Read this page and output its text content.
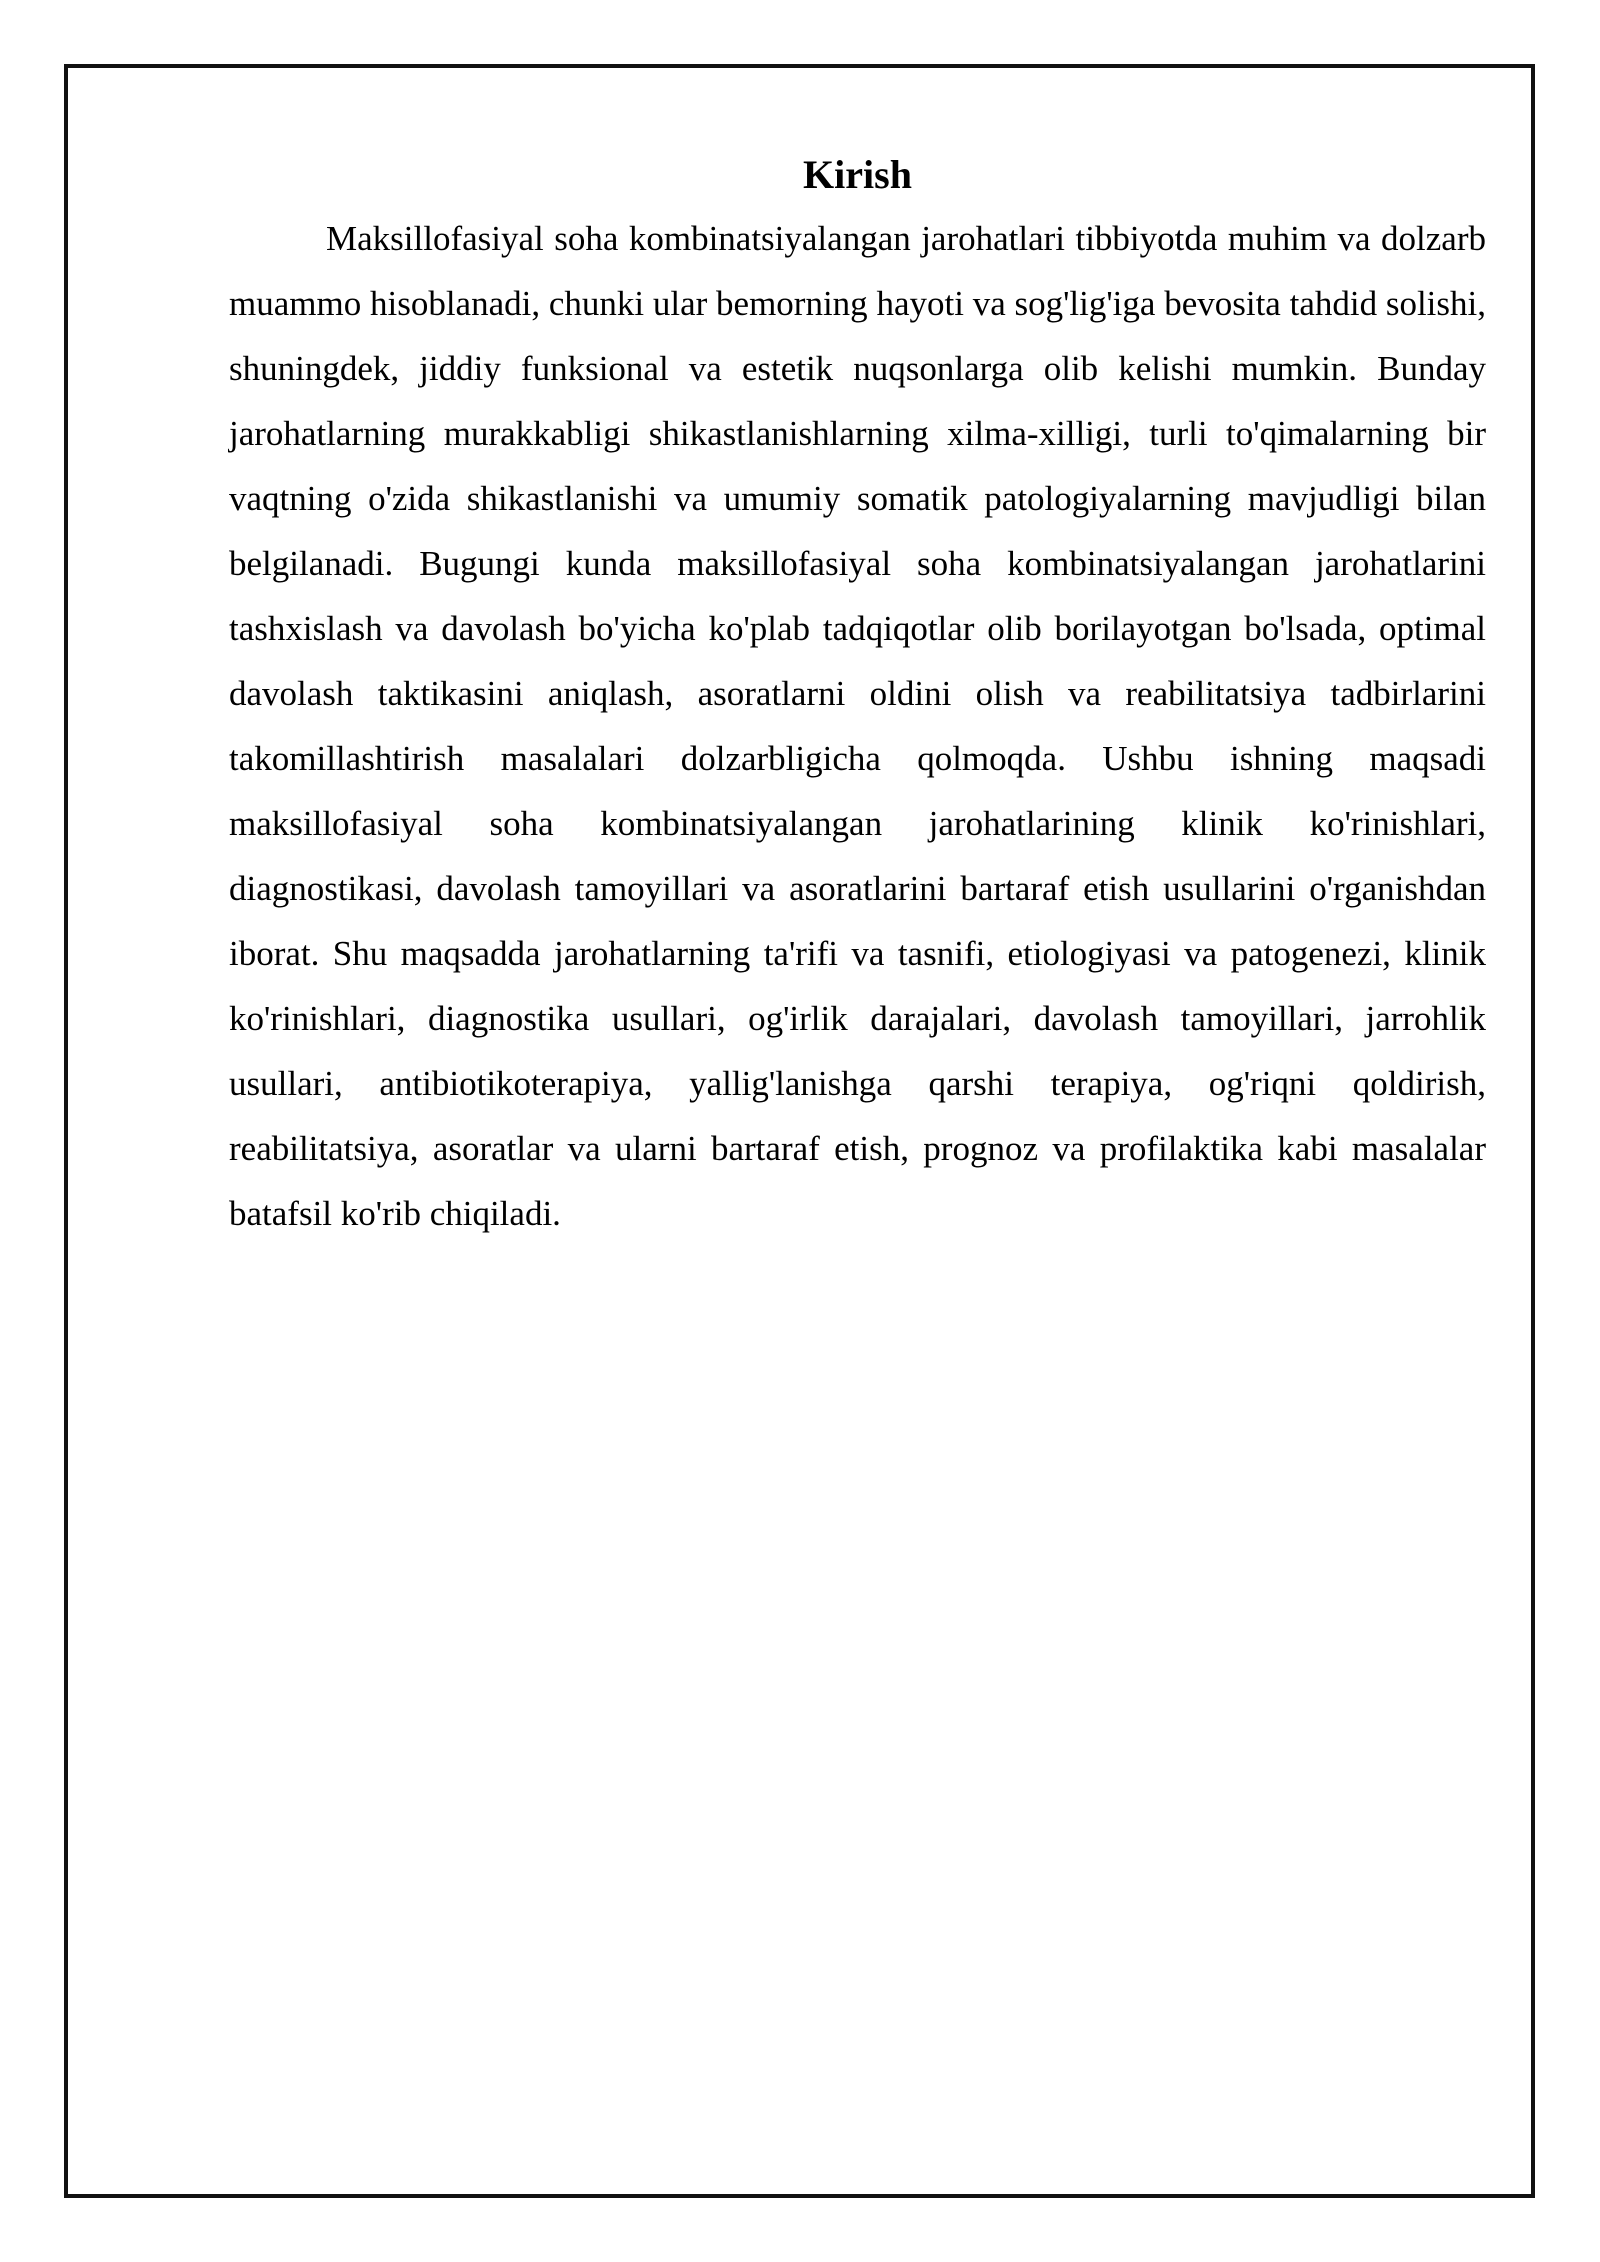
Kirish

Maksillofasiyal soha kombinatsiyalangan jarohatlari tibbiyotda muhim va dolzarb muammo hisoblanadi, chunki ular bemorning hayoti va sog'lig'iga bevosita tahdid solishi, shuningdek, jiddiy funksional va estetik nuqsonlarga olib kelishi mumkin. Bunday jarohatlarning murakkabligi shikastlanishlarning xilma-xilligi, turli to'qimalarning bir vaqtning o'zida shikastlanishi va umumiy somatik patologiyalarning mavjudligi bilan belgilanadi. Bugungi kunda maksillofasiyal soha kombinatsiyalangan jarohatlarini tashxislash va davolash bo'yicha ko'plab tadqiqotlar olib borilayotgan bo'lsada, optimal davolash taktikasini aniqlash, asoratlarni oldini olish va reabilitatsiya tadbirlarini takomillashtirish masalalari dolzarbligicha qolmoqda. Ushbu ishning maqsadi maksillofasiyal soha kombinatsiyalangan jarohatlarining klinik ko'rinishlari, diagnostikasi, davolash tamoyillari va asoratlarini bartaraf etish usullarini o'rganishdan iborat. Shu maqsadda jarohatlarning ta'rifi va tasnifi, etiologiyasi va patogenezi, klinik ko'rinishlari, diagnostika usullari, og'irlik darajalari, davolash tamoyillari, jarrohlik usullari, antibiotikoterapiya, yallig'lanishga qarshi terapiya, og'riqni qoldirish, reabilitatsiya, asoratlar va ularni bartaraf etish, prognoz va profilaktika kabi masalalar batafsil ko'rib chiqiladi.
